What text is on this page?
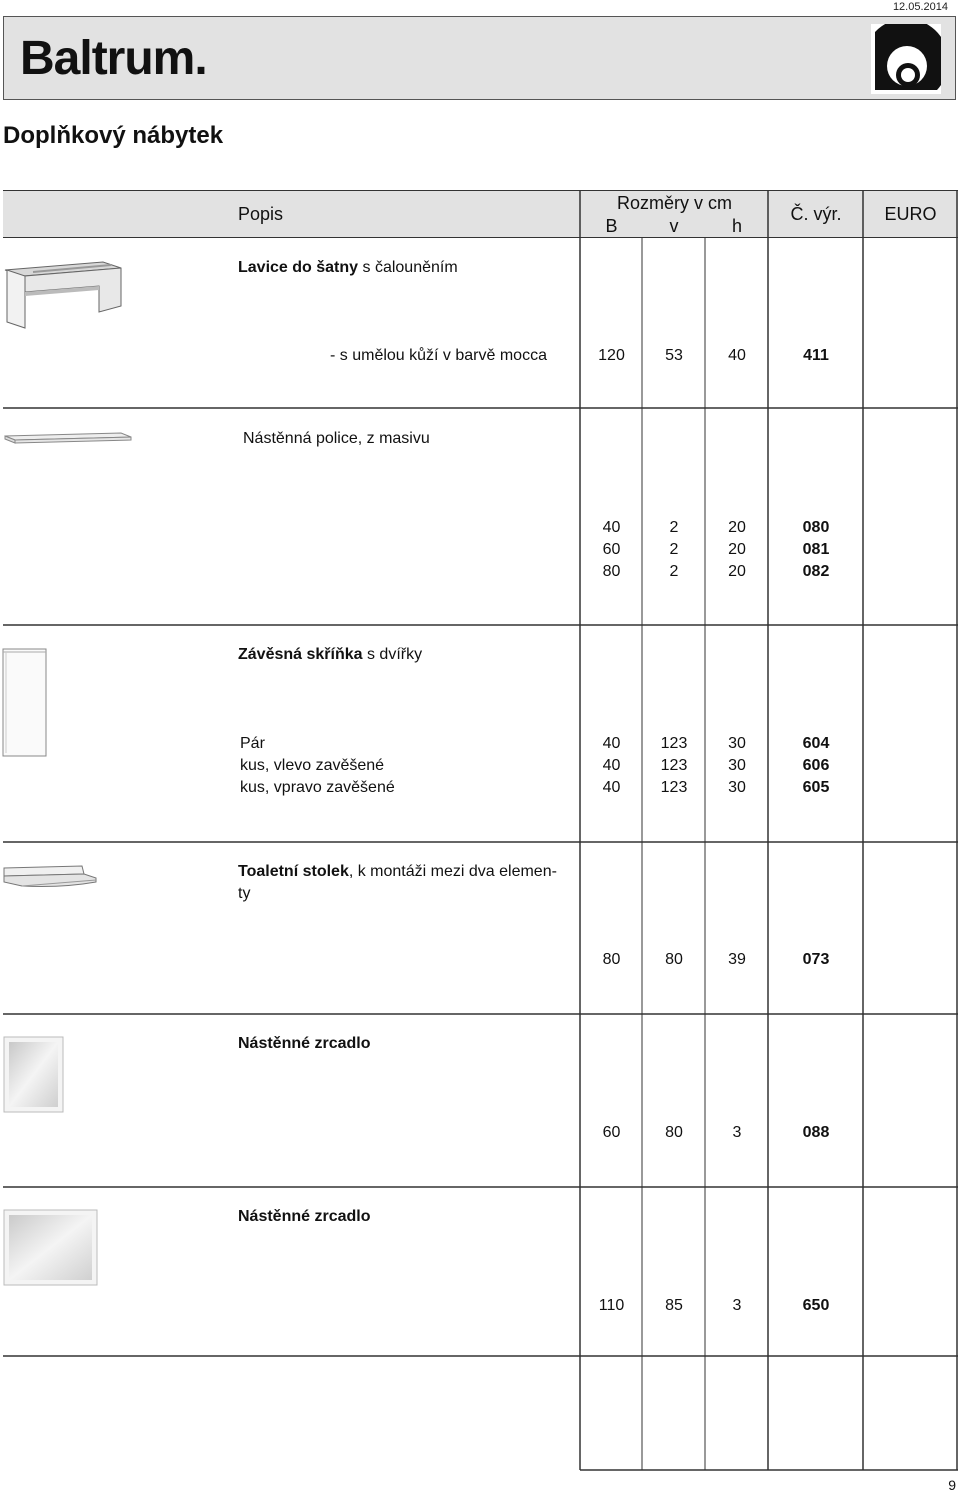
12.05.2014
Baltrum.
Doplňkový nábytek
Popis
Rozměry v cm
B	v	h
Č. výr.	EURO
Lavice do šatny s čalouněním
- s umělou kůží v barvě mocca	120	53	40	411
Nástěnná police, z masivu
40	2	20	080
60	2	20	081
80	2	20	082
Závěsná skříňka s dvířky
Pár	40	123	30	604
kus, vlevo zavěšené	40	123	30	606
kus, vpravo zavěšené	40	123	30	605
Toaletní stolek, k montáži mezi dva elemen-
ty
80	80	39	073
Nástěnné zrcadlo
60	80	3	088
Nástěnné zrcadlo
110	85	3	650
9
